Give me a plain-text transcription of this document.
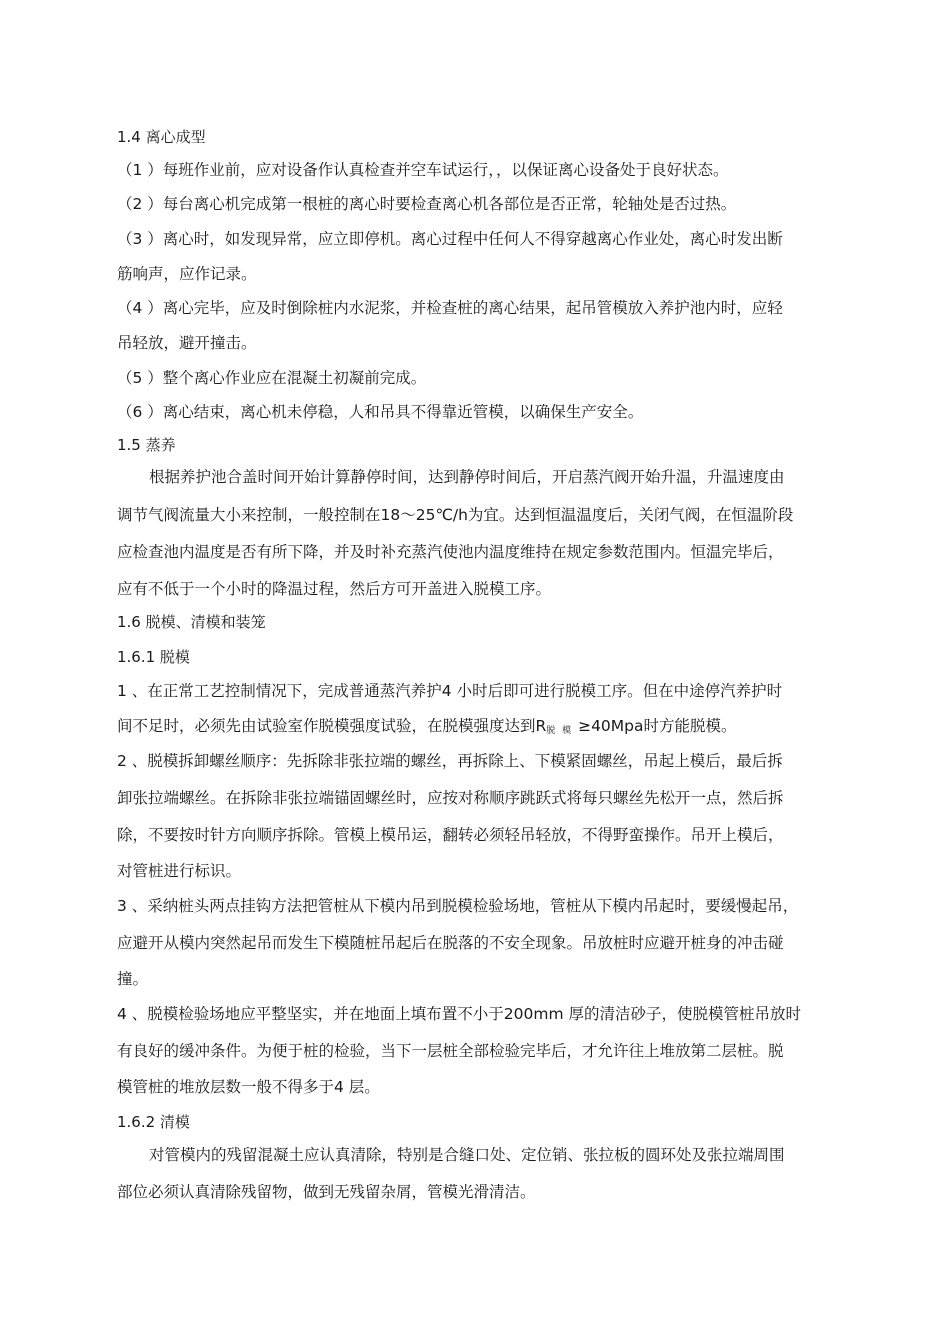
1.4 离心成型
（1 ）每班作业前，应对设备作认真检查并空车试运行，，以保证离心设备处于良好状态。
（2 ）每台离心机完成第一根桩的离心时要检查离心机各部位是否正常，轮轴处是否过热。
（3 ）离心时，如发现异常，应立即停机。离心过程中任何人不得穿越离心作业处，离心时发出断
筋响声，应作记录。
（4 ）离心完毕，应及时倒除桩内水泥浆，并检查桩的离心结果，起吊管模放入养护池内时，应轻
吊轻放，避开撞击。
（5 ）整个离心作业应在混凝土初凝前完成。
（6 ）离心结束，离心机未停稳，人和吊具不得靠近管模，以确保生产安全。
1.5 蒸养
根据养护池合盖时间开始计算静停时间，达到静停时间后，开启蒸汽阀开始升温，升温速度由
调节气阀流量大小来控制，一般控制在18～25℃/h为宜。达到恒温温度后，关闭气阀，在恒温阶段
应检查池内温度是否有所下降，并及时补充蒸汽使池内温度维持在规定参数范围内。恒温完毕后，
应有不低于一个小时的降温过程，然后方可开盖进入脱模工序。
1.6 脱模、清模和装笼
1.6.1 脱模
1 、在正常工艺控制情况下，完成普通蒸汽养护4 小时后即可进行脱模工序。但在中途停汽养护时
间不足时，必须先由试验室作脱模强度试验，在脱模强度达到$R_{脱 模} \ge 40Mpa$时方能脱模。
2 、脱模拆卸螺丝顺序：先拆除非张拉端的螺丝，再拆除上、下模紧固螺丝，吊起上模后，最后拆
卸张拉端螺丝。在拆除非张拉端锚固螺丝时，应按对称顺序跳跃式将每只螺丝先松开一点，然后拆
除，不要按时针方向顺序拆除。管模上模吊运，翻转必须轻吊轻放，不得野蛮操作。吊开上模后，
对管桩进行标识。
3 、采纳桩头两点挂钩方法把管桩从下模内吊到脱模检验场地，管桩从下模内吊起时，要缓慢起吊，
应避开从模内突然起吊而发生下模随桩吊起后在脱落的不安全现象。吊放桩时应避开桩身的冲击碰
撞。
4 、脱模检验场地应平整坚实，并在地面上填布置不小于200mm 厚的清洁砂子，使脱模管桩吊放时
有良好的缓冲条件。为便于桩的检验，当下一层桩全部检验完毕后，才允许往上堆放第二层桩。脱
模管桩的堆放层数一般不得多于4 层。
1.6.2 清模
对管模内的残留混凝土应认真清除，特别是合缝口处、定位销、张拉板的圆环处及张拉端周围
部位必须认真清除残留物，做到无残留杂屑，管模光滑清洁。
